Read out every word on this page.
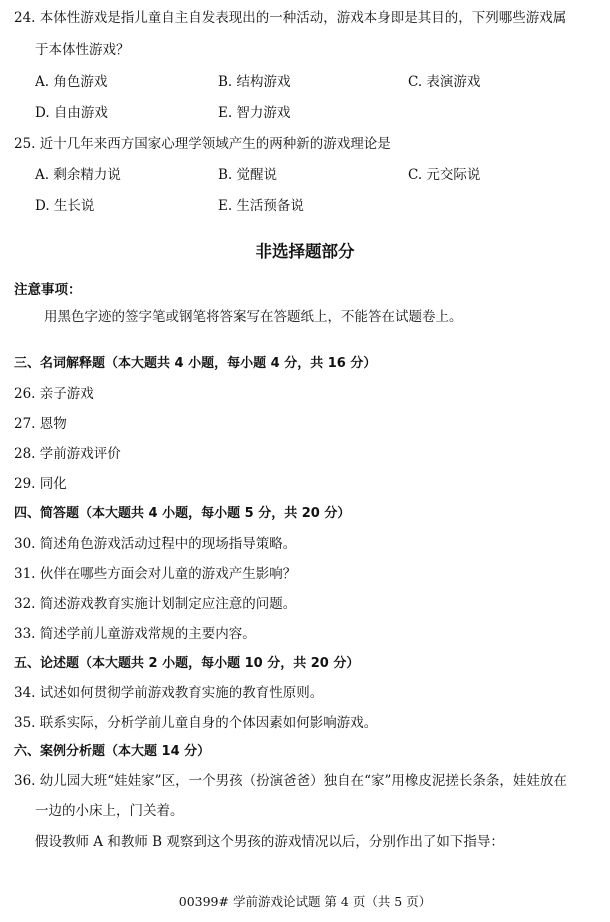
24. 本体性游戏是指儿童自主自发表现出的一种活动，游戏本身即是其目的，下列哪些游戏属
于本体性游戏？
A. 角色游戏	B. 结构游戏	C. 表演游戏
D. 自由游戏	E. 智力游戏
25. 近十几年来西方国家心理学领域产生的两种新的游戏理论是
A. 剩余精力说	B. 觉醒说	C. 元交际说
D. 生长说	E. 生活预备说
非选择题部分
注意事项：
用黑色字迹的签字笔或钢笔将答案写在答题纸上，不能答在试题卷上。
三、名词解释题（本大题共 4 小题，每小题 4 分，共 16 分）
26. 亲子游戏
27. 恩物
28. 学前游戏评价
29. 同化
四、简答题（本大题共 4 小题，每小题 5 分，共 20 分）
30. 简述角色游戏活动过程中的现场指导策略。
31. 伙伴在哪些方面会对儿童的游戏产生影响？
32. 简述游戏教育实施计划制定应注意的问题。
33. 简述学前儿童游戏常规的主要内容。
五、论述题（本大题共 2 小题，每小题 10 分，共 20 分）
34. 试述如何贯彻学前游戏教育实施的教育性原则。
35. 联系实际，分析学前儿童自身的个体因素如何影响游戏。
六、案例分析题（本大题 14 分）
36. 幼儿园大班“娃娃家”区，一个男孩（扮演爸爸）独自在“家”用橡皮泥搓长条条，娃娃放在
一边的小床上，门关着。
假设教师 A 和教师 B 观察到这个男孩的游戏情况以后，分别作出了如下指导：
00399# 学前游戏论试题 第 4 页（共 5 页）
